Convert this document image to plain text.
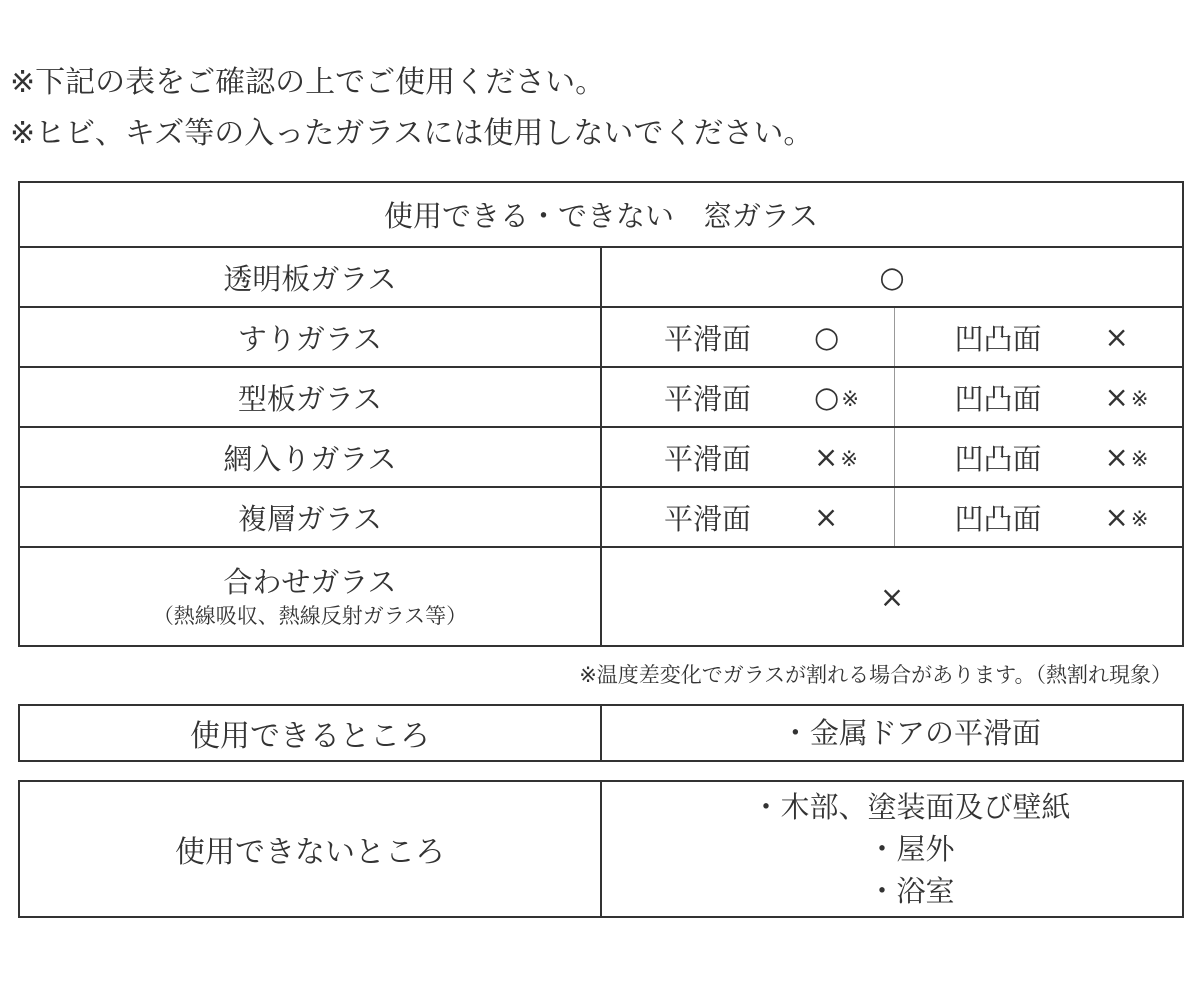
※下記の表をご確認の上でご使用ください。
※ヒビ、キズ等の入ったガラスには使用しないでください。
使用できる・できない　窓ガラス		
透明板ガラス	○	
すりガラス	平滑面 ○	凹凸面 ×

型板ガラス	平滑面 ○※	凹凸面 ×※

網入りガラス	平滑面 ×※	凹凸面 ×※

複層ガラス	平滑面 ×	凹凸面 ×※

合わせガラス
（熱線吸収、熱線反射ガラス等）	×	
※温度差変化でガラスが割れる場合があります。（熱割れ現象）
使用できるところ	・金属ドアの平滑面
使用できないところ	
・木部、塗装面及び壁紙
・屋外
・浴室
